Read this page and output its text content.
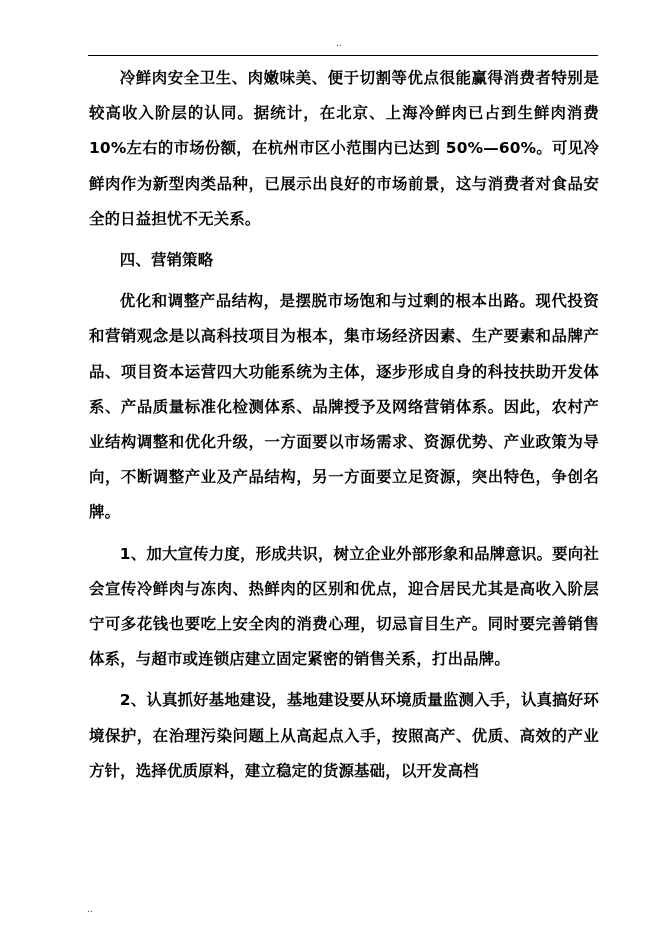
..

冷鲜肉安全卫生、肉嫩味美、便于切割等优点很能赢得消费者特别是较高收入阶层的认同。据统计，在北京、上海冷鲜肉已占到生鲜肉消费 10%左右的市场份额，在杭州市区小范围内已达到 50%—60%。可见冷鲜肉作为新型肉类品种，已展示出良好的市场前景，这与消费者对食品安全的日益担忧不无关系。

四、营销策略

优化和调整产品结构，是摆脱市场饱和与过剩的根本出路。现代投资和营销观念是以高科技项目为根本，集市场经济因素、生产要素和品牌产品、项目资本运营四大功能系统为主体，逐步形成自身的科技扶助开发体系、产品质量标准化检测体系、品牌授予及网络营销体系。因此，农村产业结构调整和优化升级，一方面要以市场需求、资源优势、产业政策为导向，不断调整产业及产品结构，另一方面要立足资源，突出特色，争创名牌。

1、加大宣传力度，形成共识，树立企业外部形象和品牌意识。要向社会宣传冷鲜肉与冻肉、热鲜肉的区别和优点，迎合居民尤其是高收入阶层宁可多花钱也要吃上安全肉的消费心理，切忌盲目生产。同时要完善销售体系，与超市或连锁店建立固定紧密的销售关系，打出品牌。

2、认真抓好基地建设，基地建设要从环境质量监测入手，认真搞好环境保护，在治理污染问题上从高起点入手，按照高产、优质、高效的产业方针，选择优质原料，建立稳定的货源基础，以开发高档

..
